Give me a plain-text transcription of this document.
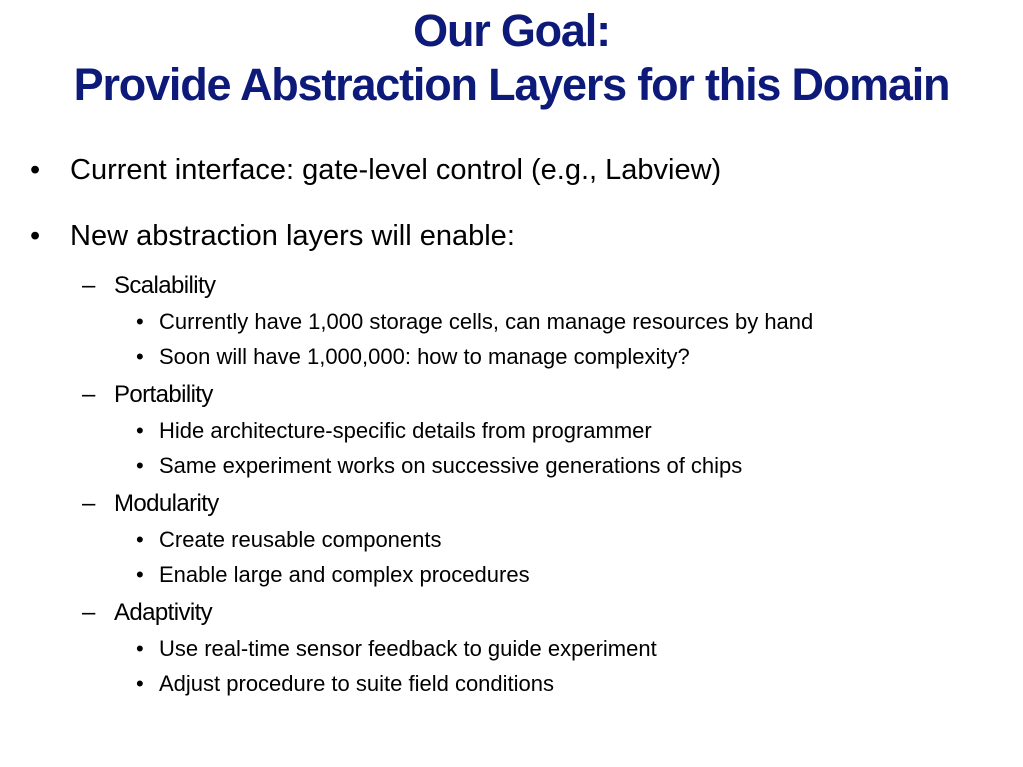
Our Goal:
Provide Abstraction Layers for this Domain
• Current interface: gate-level control (e.g., Labview)
• New abstraction layers will enable:
– Scalability
• Currently have 1,000 storage cells, can manage resources by hand
• Soon will have 1,000,000: how to manage complexity?
– Portability
• Hide architecture-specific details from programmer
• Same experiment works on successive generations of chips
– Modularity
• Create reusable components
• Enable large and complex procedures
– Adaptivity
• Use real-time sensor feedback to guide experiment
• Adjust procedure to suite field conditions
